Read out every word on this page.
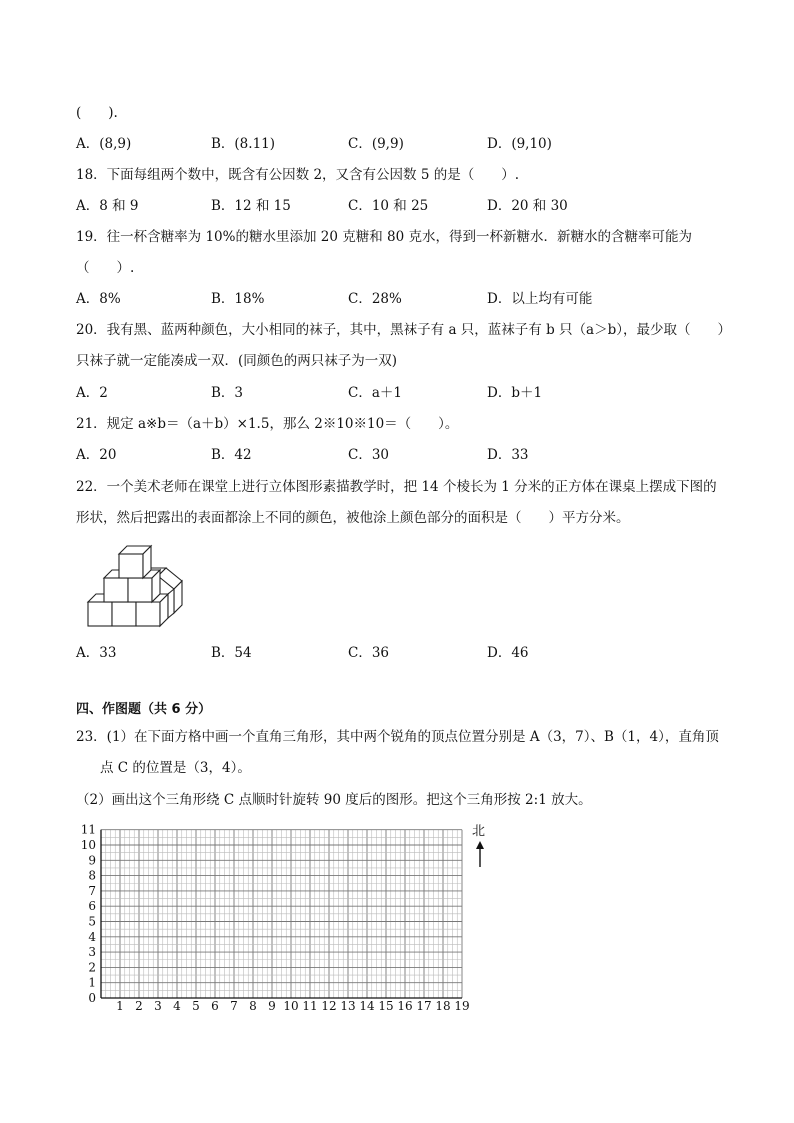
(　　).
A．(8,9)	B．(8.11)	C．(9,9)	D．(9,10)
18．下面每组两个数中，既含有公因数 2，又含有公因数 5 的是（　　）.
A．8 和 9	B．12 和 15	C．10 和 25	D．20 和 30
19．往一杯含糖率为 10%的糖水里添加 20 克糖和 80 克水，得到一杯新糖水．新糖水的含糖率可能为
（　　）.
A．8%	B．18%	C．28%	D．以上均有可能
20．我有黑、蓝两种颜色，大小相同的袜子，其中，黑袜子有 a 只，蓝袜子有 b 只（a＞b），最少取（　　）
只袜子就一定能凑成一双．(同颜色的两只袜子为一双)
A．2	B．3	C．a＋1	D．b＋1
21．规定 a※b＝（a＋b）×1.5，那么 2※10※10＝（　　）。
A．20	B．42	C．30	D．33
22．一个美术老师在课堂上进行立体图形素描教学时，把 14 个棱长为 1 分米的正方体在课桌上摆成下图的
形状，然后把露出的表面都涂上不同的颜色，被他涂上颜色部分的面积是（　　）平方分米。
A．33	B．54	C．36	D．46
四、作图题（共 6 分）
23．(1）在下面方格中画一个直角三角形，其中两个锐角的顶点位置分别是 A（3，7）、B（1，4），直角顶
点 C 的位置是（3，4）。
（2）画出这个三角形绕 C 点顺时针旋转 90 度后的图形。把这个三角形按 2:1 放大。
1 2 3 4 5 6 7 8 9 10 11 12 13 14 15 16 17 18 19
0
1
2
3
4
5
6
7
8
9
10
11	北
